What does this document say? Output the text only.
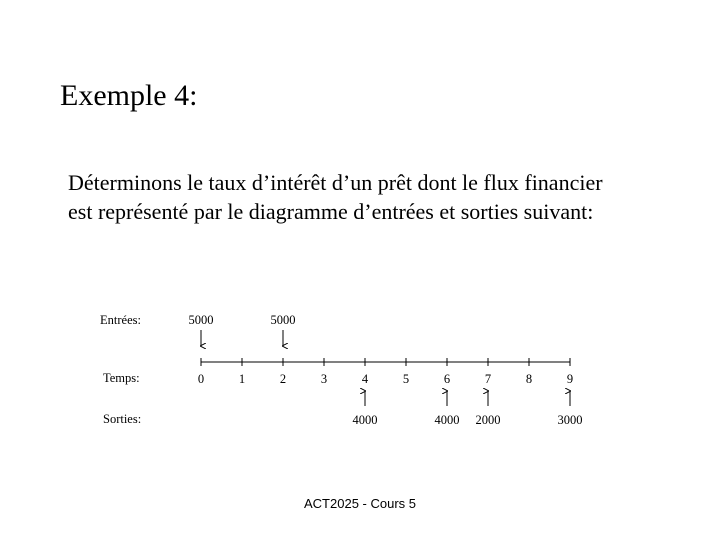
Exemple 4:
Déterminons le taux d’intérêt d’un prêt dont le flux financier
est représenté par le diagramme d’entrées et sorties suivant:
Entrées:
Temps:
Sorties:
0	1	2	3	4	5	6	7	8	9
5000	5000
4000	4000 2000	3000
ACT2025 - Cours 5
